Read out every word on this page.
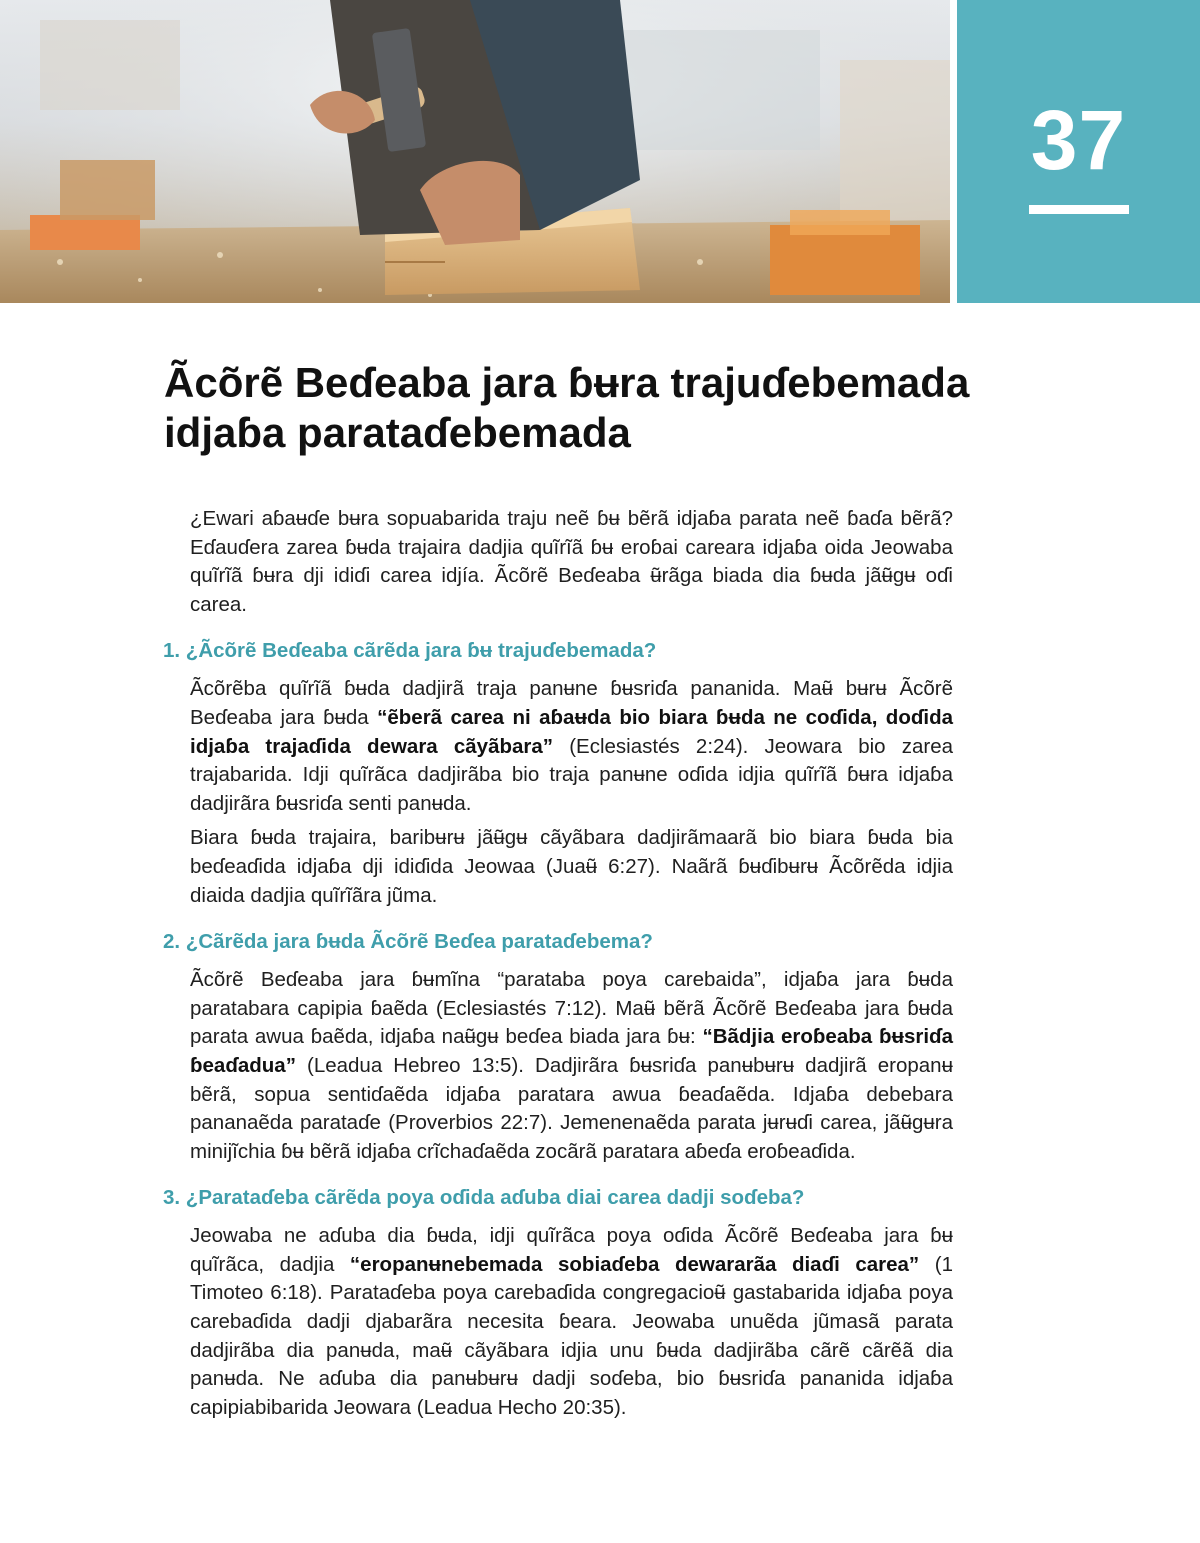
37
Ãcõrẽ Beɗeaba jara ɓʉra trajuɗebemada idjaɓa parataɗebemada

¿Ewari aɓaʉɗe bʉra sopuabarida traju neẽ ɓʉ bẽrã idjaɓa parata neẽ ɓaɗa bẽrã? Eɗauɗera zarea ɓʉda trajaira dadjia quĩrĩã ɓʉ eroɓai careara idjaɓa oida Jeowaba quĩrĩã ɓʉra dji idiɗi carea idjía. Ãcõrẽ Beɗeaba ʉ̃rãga biada dia ɓʉda jãʉ̃gʉ oɗi carea.

1. ¿Ãcõrẽ Beɗeaba cãrẽda jara ɓʉ trajuɗebemada?

Ãcõrẽba quĩrĩã ɓʉda dadjirã traja panʉne ɓʉsriɗa pananida. Maʉ̃ bʉrʉ Ãcõrẽ Beɗeaba jara ɓʉda “ẽberã carea ni aɓaʉda bio biara ɓʉda ne coɗida, doɗida idjaɓa trajaɗida dewara cãyãbara” (Eclesiastés 2:24). Jeowara bio zarea trajabarida. Idji quĩrãca dadjirãba bio traja panʉne oɗida idjia quĩrĩã ɓʉra idjaɓa dadjirãra ɓʉsriɗa senti panʉda.

Biara ɓʉda trajaira, baribʉrʉ jãʉ̃gʉ cãyãbara dadjirãmaarã bio biara ɓʉda bia beɗeaɗida idjaɓa dji idiɗida Jeowaa (Juaʉ̃ 6:27). Naãrã ɓʉɗibʉrʉ Ãcõrẽda idjia diaida dadjia quĩrĩãra jũma.

2. ¿Cãrẽda jara ɓʉda Ãcõrẽ Beɗea parataɗebema?

Ãcõrẽ Beɗeaba jara ɓʉmĩna “parataba poya carebaida”, idjaɓa jara ɓʉda paratabara capipia ɓaẽda (Eclesiastés 7:12). Maʉ̃ bẽrã Ãcõrẽ Beɗeaba jara ɓʉda parata awua ɓaẽda, idjaɓa naʉ̃gʉ beɗea biada jara ɓʉ: “Bãdjia eroɓeaba ɓʉsriɗa ɓeaɗadua” (Leadua Hebreo 13:5). Dadjirãra ɓʉsriɗa panʉbʉrʉ dadjirã eropanʉ bẽrã, sopua sentiɗaẽda idjaɓa paratara awua ɓeaɗaẽda. Idjaɓa debebara pananaẽda parataɗe (Proverbios 22:7). Jemenenaẽda parata jʉrʉɗi carea, jãʉ̃gʉra minijĩchia ɓʉ bẽrã idjaɓa crĩchaɗaẽda zocãrã paratara aɓeɗa eroɓeaɗida.

3. ¿Parataɗeba cãrẽda poya oɗida aɗuba diai carea dadji soɗeba?

Jeowaba ne aɗuba dia ɓʉda, idji quĩrãca poya oɗida Ãcõrẽ Beɗeaba jara ɓʉ quĩrãca, dadjia “eropanʉnebemada sobiaɗeba dewararãa diaɗi carea” (1 Timoteo 6:18). Parataɗeba poya carebaɗida congregacioʉ̃ gastabarida idjaɓa poya carebaɗida dadji djabarãra necesita ɓeara. Jeowaba unuẽda jũmasã parata dadjirãba dia panʉda, maʉ̃ cãyãbara idjia unu ɓʉda dadjirãba cãrẽ cãrẽã dia panʉda. Ne aɗuba dia panʉbʉrʉ dadji soɗeba, bio ɓʉsriɗa pananida idjaɓa capipiabibarida Jeowara (Leadua Hecho 20:35).
